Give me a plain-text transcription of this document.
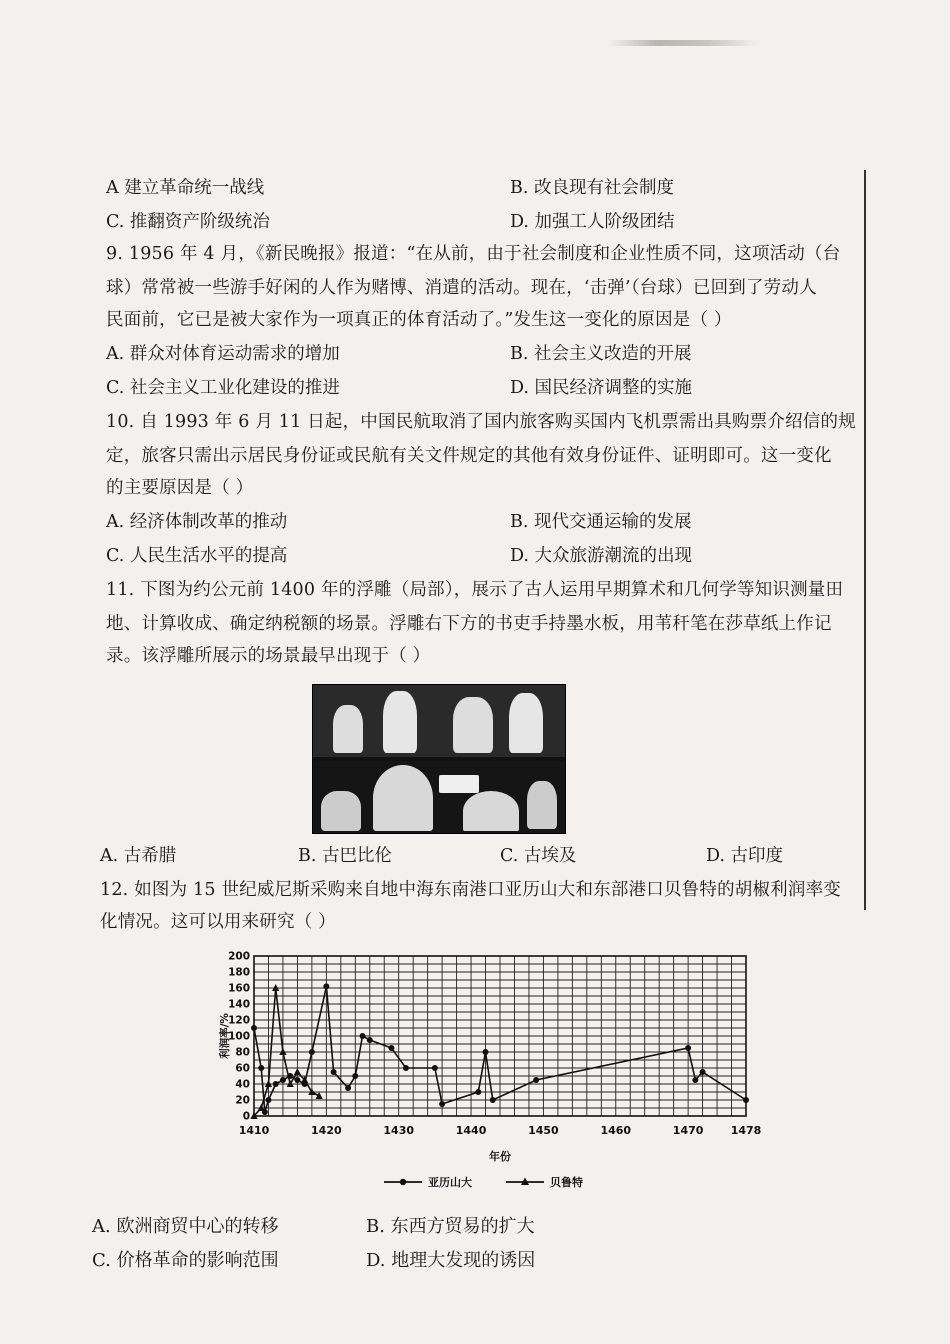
A 建立革命统一战线	B. 改良现有社会制度
C. 推翻资产阶级统治	D. 加强工人阶级团结
9. 1956 年 4 月，《新民晚报》报道：“在从前，由于社会制度和企业性质不同，这项活动（台
球）常常被一些游手好闲的人作为赌博、消遣的活动。现在，‘击弹’（台球）已回到了劳动人
民面前，它已是被大家作为一项真正的体育活动了。”发生这一变化的原因是（ ）
A. 群众对体育运动需求的增加	B. 社会主义改造的开展
C. 社会主义工业化建设的推进	D. 国民经济调整的实施
10. 自 1993 年 6 月 11 日起，中国民航取消了国内旅客购买国内飞机票需出具购票介绍信的规
定，旅客只需出示居民身份证或民航有关文件规定的其他有效身份证件、证明即可。这一变化
的主要原因是（ ）
A. 经济体制改革的推动	B. 现代交通运输的发展
C. 人民生活水平的提高	D. 大众旅游潮流的出现
11. 下图为约公元前 1400 年的浮雕（局部），展示了古人运用早期算术和几何学等知识测量田
地、计算收成、确定纳税额的场景。浮雕右下方的书吏手持墨水板，用苇秆笔在莎草纸上作记
录。该浮雕所展示的场景最早出现于（ ）
A. 古希腊	B. 古巴比伦	C. 古埃及	D. 古印度
12. 如图为 15 世纪威尼斯采购来自地中海东南港口亚历山大和东部港口贝鲁特的胡椒利润率变
化情况。这可以用来研究（ ）
0
20
40
60
80
100
120
140
160
180
200
1410	1420	1430	1440	1450	1460	1470 1478
利润率/%
年份
亚历山大	贝鲁特
A. 欧洲商贸中心的转移	B. 东西方贸易的扩大
C. 价格革命的影响范围	D. 地理大发现的诱因
